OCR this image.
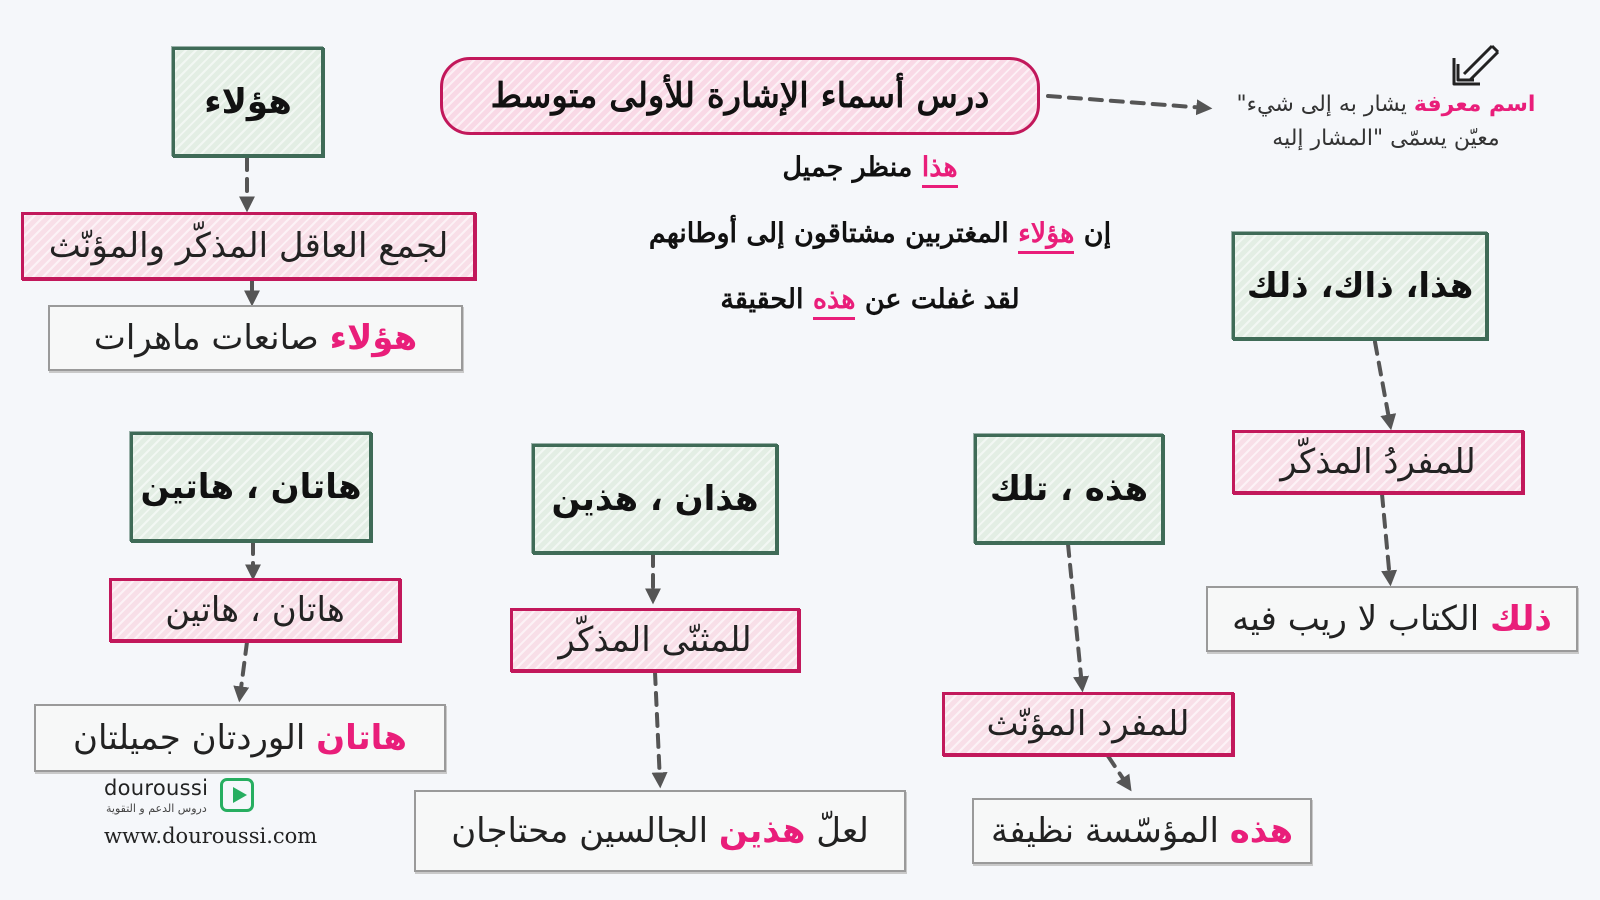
درس أسماء الإشارة للأولى متوسط	اسم معرفة يشار به إلى شيء"
معيّن يسمّى "المشار إليه
هذا منظر جميل
إن هؤلاء المغتربين مشتاقون إلى أوطانهم
لقد غفلت عن هذه الحقيقة
هؤلاء
لجمع العاقل المذكّر والمؤنّث
هؤلاء

صانعات ماهرات
هذا، ذاك، ذلك
للمفردُ المذكّر
ذلك

الكتاب لا ريب فيه
هذه ، تلك
للمفرد المؤنّث
هذه

المؤسّسة نظيفة
هذان ، هذين
للمثنّى المذكّر
لعلّ

هذين

الجالسين محتاجان
هاتان ، هاتين
هاتان ، هاتين
هاتان

الوردتان جميلتان
douroussi
دروس الدعم و التقوية
www.douroussi.com
